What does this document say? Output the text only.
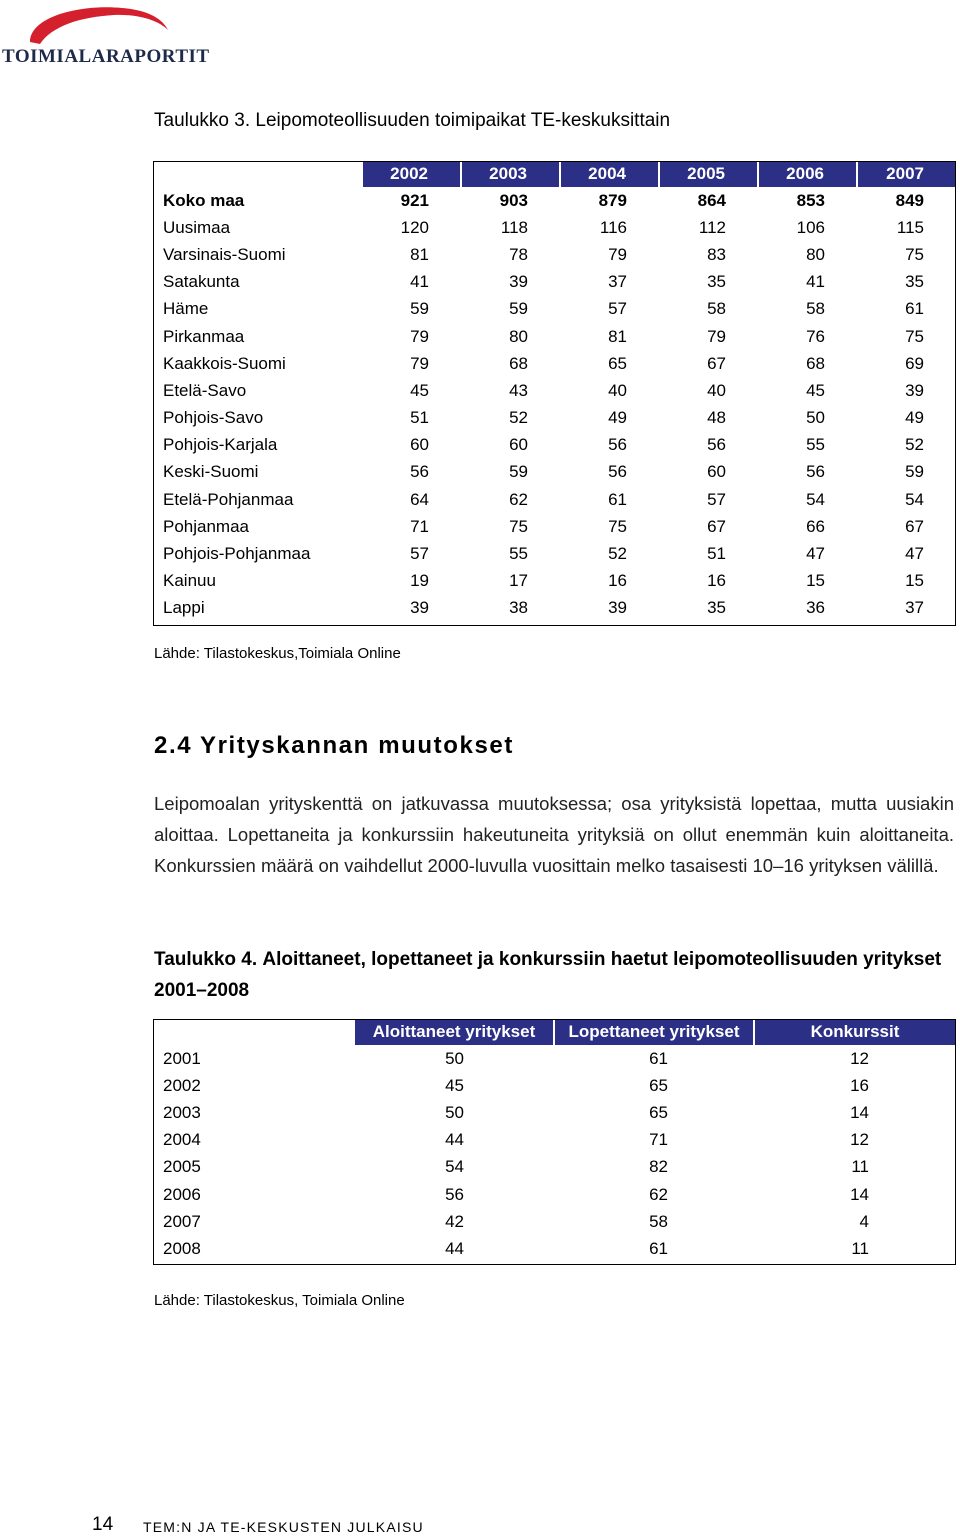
TOIMIALARAPORTIT
Taulukko 3. Leipomoteollisuuden toimipaikat TE-keskuksittain
	2002	2003	2004	2005	2006	2007
Koko maa	921	903	879	864	853	849
Uusimaa	120	118	116	112	106	115
Varsinais-Suomi	81	78	79	83	80	75
Satakunta	41	39	37	35	41	35
Häme	59	59	57	58	58	61
Pirkanmaa	79	80	81	79	76	75
Kaakkois-Suomi	79	68	65	67	68	69
Etelä-Savo	45	43	40	40	45	39
Pohjois-Savo	51	52	49	48	50	49
Pohjois-Karjala	60	60	56	56	55	52
Keski-Suomi	56	59	56	60	56	59
Etelä-Pohjanmaa	64	62	61	57	54	54
Pohjanmaa	71	75	75	67	66	67
Pohjois-Pohjanmaa	57	55	52	51	47	47
Kainuu	19	17	16	16	15	15
Lappi	39	38	39	35	36	37
Lähde: Tilastokeskus,Toimiala Online
2.4 Yrityskannan muutokset
Leipomoalan yrityskenttä on jatkuvassa muutoksessa; osa yrityksistä lopettaa, mutta uusiakin aloittaa. Lopettaneita ja konkurssiin hakeutuneita yrityksiä on ollut enemmän kuin aloittaneita. Konkurssien määrä on vaihdellut 2000-luvulla vuosittain melko tasaisesti 10–16 yrityksen välillä.
Taulukko 4. Aloittaneet, lopettaneet ja konkurssiin haetut leipomoteollisuuden yritykset 2001–2008
	Aloittaneet yritykset	Lopettaneet yritykset	Konkurssit
2001	50	61	12
2002	45	65	16
2003	50	65	14
2004	44	71	12
2005	54	82	11
2006	56	62	14
2007	42	58	4
2008	44	61	11
Lähde: Tilastokeskus, Toimiala Online
14 TEM:N JA TE-KESKUSTEN JULKAISU
